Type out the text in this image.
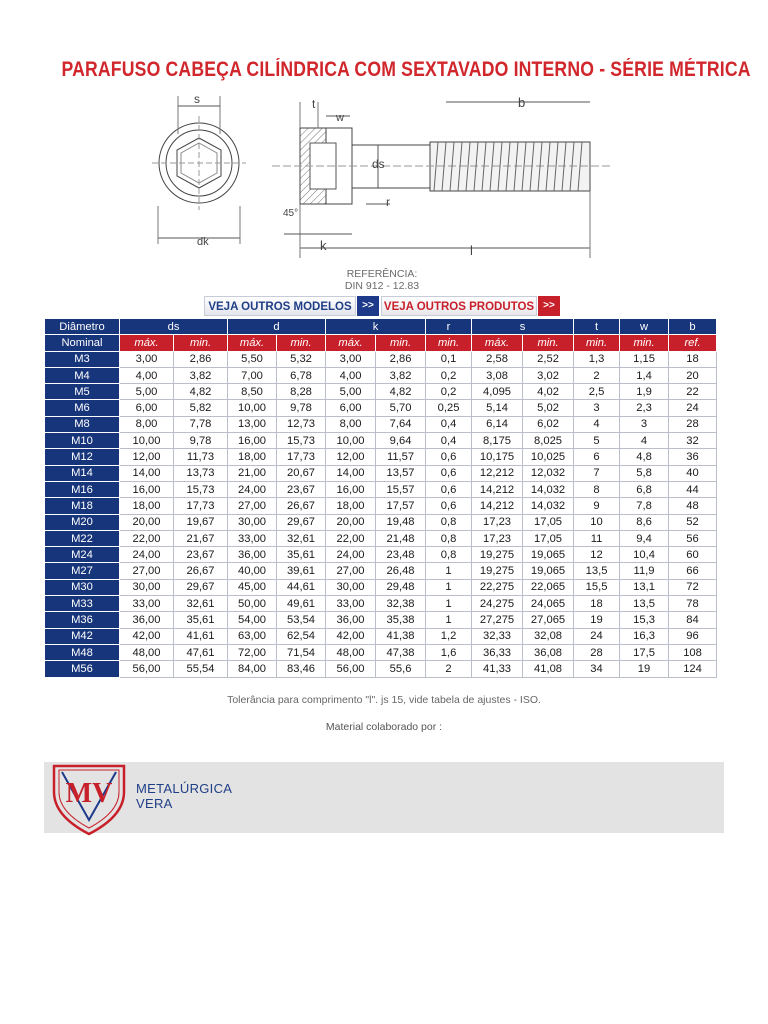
PARAFUSO CABEÇA CILÍNDRICA COM SEXTAVADO INTERNO - SÉRIE MÉTRICA
s
dk
t
w
b
ds
r
k	l
45°
REFERÊNCIA:
DIN 912 - 12.83
VEJA OUTROS MODELOS	>> VEJA OUTROS PRODUTOS >>
Diâmetro	ds		d		k		r	s		t	w	b
Nominal	máx.	min.	máx.	min.	máx.	min.	min.	máx.	min.	min.	min.	ref.
M3	3,00	2,86	5,50	5,32	3,00	2,86	0,1	2,58	2,52	1,3	1,15	18
M4	4,00	3,82	7,00	6,78	4,00	3,82	0,2	3,08	3,02	2	1,4	20
M5	5,00	4,82	8,50	8,28	5,00	4,82	0,2	4,095	4,02	2,5	1,9	22
M6	6,00	5,82	10,00	9,78	6,00	5,70	0,25	5,14	5,02	3	2,3	24
M8	8,00	7,78	13,00	12,73	8,00	7,64	0,4	6,14	6,02	4	3	28
M10	10,00	9,78	16,00	15,73	10,00	9,64	0,4	8,175	8,025	5	4	32
M12	12,00	11,73	18,00	17,73	12,00	11,57	0,6	10,175	10,025	6	4,8	36
M14	14,00	13,73	21,00	20,67	14,00	13,57	0,6	12,212	12,032	7	5,8	40
M16	16,00	15,73	24,00	23,67	16,00	15,57	0,6	14,212	14,032	8	6,8	44
M18	18,00	17,73	27,00	26,67	18,00	17,57	0,6	14,212	14,032	9	7,8	48
M20	20,00	19,67	30,00	29,67	20,00	19,48	0,8	17,23	17,05	10	8,6	52
M22	22,00	21,67	33,00	32,61	22,00	21,48	0,8	17,23	17,05	11	9,4	56
M24	24,00	23,67	36,00	35,61	24,00	23,48	0,8	19,275	19,065	12	10,4	60
M27	27,00	26,67	40,00	39,61	27,00	26,48	1	19,275	19,065	13,5	11,9	66
M30	30,00	29,67	45,00	44,61	30,00	29,48	1	22,275	22,065	15,5	13,1	72
M33	33,00	32,61	50,00	49,61	33,00	32,38	1	24,275	24,065	18	13,5	78
M36	36,00	35,61	54,00	53,54	36,00	35,38	1	27,275	27,065	19	15,3	84
M42	42,00	41,61	63,00	62,54	42,00	41,38	1,2	32,33	32,08	24	16,3	96
M48	48,00	47,61	72,00	71,54	48,00	47,38	1,6	36,33	36,08	28	17,5	108
M56	56,00	55,54	84,00	83,46	56,00	55,6	2	41,33	41,08	34	19	124
Tolerância para comprimento "l". js 15, vide tabela de ajustes - ISO.
Material colaborado por :
MV METALÚRGICA
VERA
